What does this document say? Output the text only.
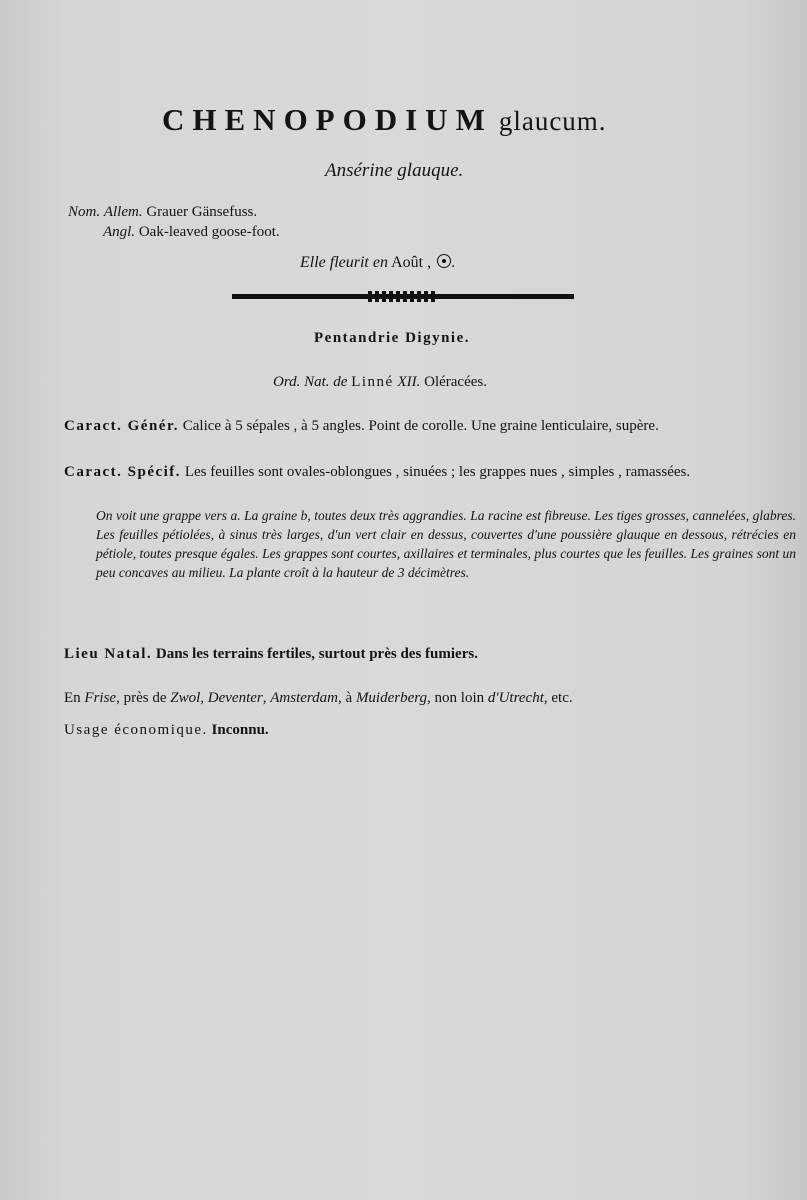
CHENOPODIUM glaucum.
Ansérine glauque.
Nom. Allem. Grauer Gänsefuss.
Angl. Oak-leaved goose-foot.
Elle fleurit en Août , .
Pentandrie Digynie.
Ord. Nat. de Linné XII. Oléracées.
Caract. Génér. Calice à 5 sépales , à 5 angles. Point de corolle. Une graine lenticulaire, supère.
Caract. Spécif. Les feuilles sont ovales-oblongues , sinuées ; les grappes nues , simples , ramassées.
On voit une grappe vers a. La graine b, toutes deux très aggrandies. La racine est fibreuse. Les tiges grosses, cannelées, glabres. Les feuilles pétiolées, à sinus très larges, d'un vert clair en dessus, couvertes d'une poussière glauque en dessous, rétrécies en pétiole, toutes presque égales. Les grappes sont courtes, axillaires et terminales, plus courtes que les feuilles. Les graines sont un peu concaves au milieu. La plante croît à la hauteur de 3 décimètres.
Lieu Natal. Dans les terrains fertiles, surtout près des fumiers.
En Frise, près de Zwol, Deventer, Amsterdam, à Muiderberg, non loin d'Utrecht, etc.
Usage économique. Inconnu.
